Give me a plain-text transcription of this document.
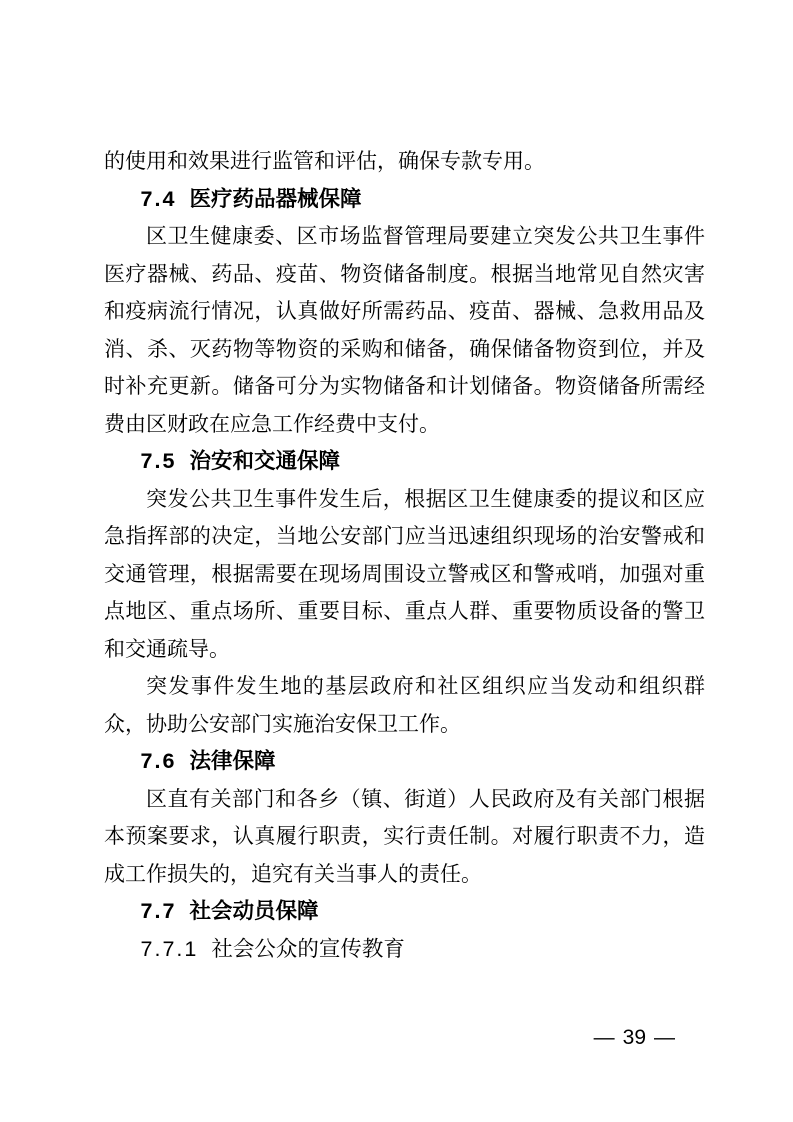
的使用和效果进行监管和评估，确保专款专用。
7.4 医疗药品器械保障
区卫生健康委、区市场监督管理局要建立突发公共卫生事件
医疗器械、药品、疫苗、物资储备制度。根据当地常见自然灾害
和疫病流行情况，认真做好所需药品、疫苗、器械、急救用品及
消、杀、灭药物等物资的采购和储备，确保储备物资到位，并及
时补充更新。储备可分为实物储备和计划储备。物资储备所需经
费由区财政在应急工作经费中支付。
7.5 治安和交通保障
突发公共卫生事件发生后，根据区卫生健康委的提议和区应
急指挥部的决定，当地公安部门应当迅速组织现场的治安警戒和
交通管理，根据需要在现场周围设立警戒区和警戒哨，加强对重
点地区、重点场所、重要目标、重点人群、重要物质设备的警卫
和交通疏导。
突发事件发生地的基层政府和社区组织应当发动和组织群
众，协助公安部门实施治安保卫工作。
7.6 法律保障
区直有关部门和各乡（镇、街道）人民政府及有关部门根据
本预案要求，认真履行职责，实行责任制。对履行职责不力，造
成工作损失的，追究有关当事人的责任。
7.7 社会动员保障
7.7.1 社会公众的宣传教育
— 39 —
